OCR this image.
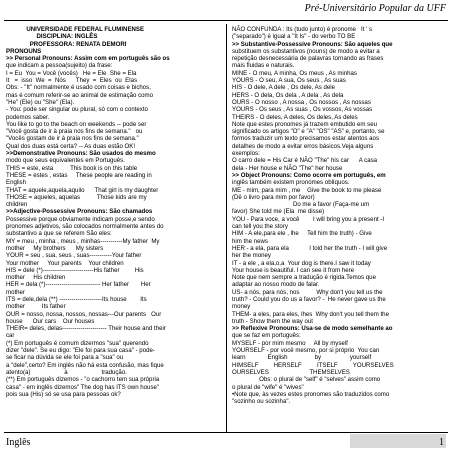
Pré-Universitário Popular da UFF

UNIVERSIDADE FEDERAL FLUMINENSE

DISCIPLINA: INGLÊS

PROFESSORA: RENATA DEMORI

PRONOUNS

>> Personal Pronouns: Assim com em português são os

que indicam a pessoa(sujeito) da frase:

I = Eu  You = Você (vocês)   He = Ele  She = Ela

It   =  isso  We  =  Nós      They  =  Eles  ou  Elas

Obs: - "It" normalmente é usado com coisas e bichos,

mas é comum referir-se ao animal de estimação como

"He" (Ele) ou "She" (Ela).

- You: pode ser singular ou plural, só com o contexto

podemos saber.

You like to go to the beach on weekends -- pode ser

"Você gosta de ir à praia nos fins de semana."   ou

"Vocês gostam de ir à praia nos fins de semana."

Qual dos duas está certa? -- As duas estão OK!

>>Demonstrative Pronouns: São usados do mesmo

modo que seus equivalentes em Português.

THIS = este, esta          This book is on this table

THESE = estes , estas     These people are reading in

English

THAT = aquele,aquela,aquilo      That girl is my daughter

THOSE = aqueles, aquelas          Those kids are my

children

>>Adjective-Possessive Pronouns: São chamados

Possessive porque obviamente indicam posse,e sendo

pronomes adjetivos, são colocados normalmente antes do

substantivo a que se referem São eles:

MY = meu , minha , meus , minhas-----------My father  My

mother     My brothers      My sisters

YOUR = seu , sua, seus , suas-----------Your father

Your mother     Your parents    Your children

HIS = dele (*)-------------------------His father         His

mother     His children

HER = dela (*)--------------------------- Her father       Her

mother

ITS = dele,dela (**) ---------------------Its house        Its

mother          Its father

OUR = nosso, nossa, nossos, nossas---Our parents   Our

house      Our cars    Our houses

THEIR= deles, delas---------------------- Their house and their

car

(*) Em português é comum dizermos "sua" querendo

dizer "dele". Se eu digo: "Ele foi para sua casa" - pode-

se ficar na dúvida se ele foi para a "sua" ou

a "dele",certo? Em inglês não há esta confusão, mas fique

atento(a)                    à                    tradução.

(**) Em português dizemos - "o cachorro tem sua própria

casa" - em inglês dizemos" The dog has ITS own house"

pois sua (His) só se usa para pessoas ok?

NÃO CONFUNDA : Its (tudo junto) é pronome   It ' s

("separado") é igual a "It Is" - do verbo TO BE

>> Substantive-Possessive Pronouns: São aqueles que

substituem os substantivos (nouns) de modo a evitar a

repetição desnecessária de palavras tornando as frases

mais fluidas e naturais.

MINE - O meu, A minha, Os meus , As minhas

YOURS - O seu, A sua, Os seus , As suas

HIS - O dele, A dele , Os dele, As dele

HERS - O dela, Os dela , A dela , As dela

OURS - O nosso , A nossa , Os nossos , As nossas

YOURS - Os seus , As suas , Os vossos, As vossas

THEIRS - O deles, A deles, Os deles, As deles

Note que estes pronomes já trazem embutido em seu

significado os artigos "O" e "A" "OS" "AS" e, portanto, se

formos traduzir um texto precisamos estar atentos aos

detalhes de modo a evitar erros básicos.Veja alguns

exemplos:

O carro dele = His Car é NÃO "The" his car      A casa

dela - Her house e NÃO "The" her house

>> Object Pronouns: Como ocorre em português, em

inglês também existem pronomes oblíquos.

ME - mim, para mim , me    Give the book to me please

(Dê o livro para mim por favor)

Do me a favor (Faça-me um

favor) She told me (Ela  me disse)

YOU - Para voce, a você        I will bring you a present -I

can tell you the story

HIM - A ele,para ele , lhe     Tell him the truth) - Give

him the news

HER - a ela, para ela            I told her the truth - I will give

her the money

IT - a ele , a ela,o,a  Your dog is there.I saw it today

Your house is beautiful. I can see it from here

Note que nem sempre a tradução é rigida.Temos que

adaptar ao nosso modo de falar.

US- a nós, para nós, nos          Why don't you tell us the

truth? - Could you do us a favor? -  He never gave us the

money

THEM- a eles, para eles, lhes  Why don't you tell them the

truth - Show them the way out

>> Reflexive Pronouns: Usa-se de modo semelhante ao

que se faz em português:

MYSELF - por mim mesmo     All by myself

YOURSELF - por você mesmo, por si próprio  You can

learn             English                by                 yourself

HIMSELF         HERSELF         ITSELF         YOURSELVES

OURSELVES                        THEMSELVES

Obs: o plural de "self" é "selves" assim como

o plural de "wife" é "wives"

•Note que, às vezes estes pronomes são traduzidos como

"sozinho ou sozinha".

Inglês	1
